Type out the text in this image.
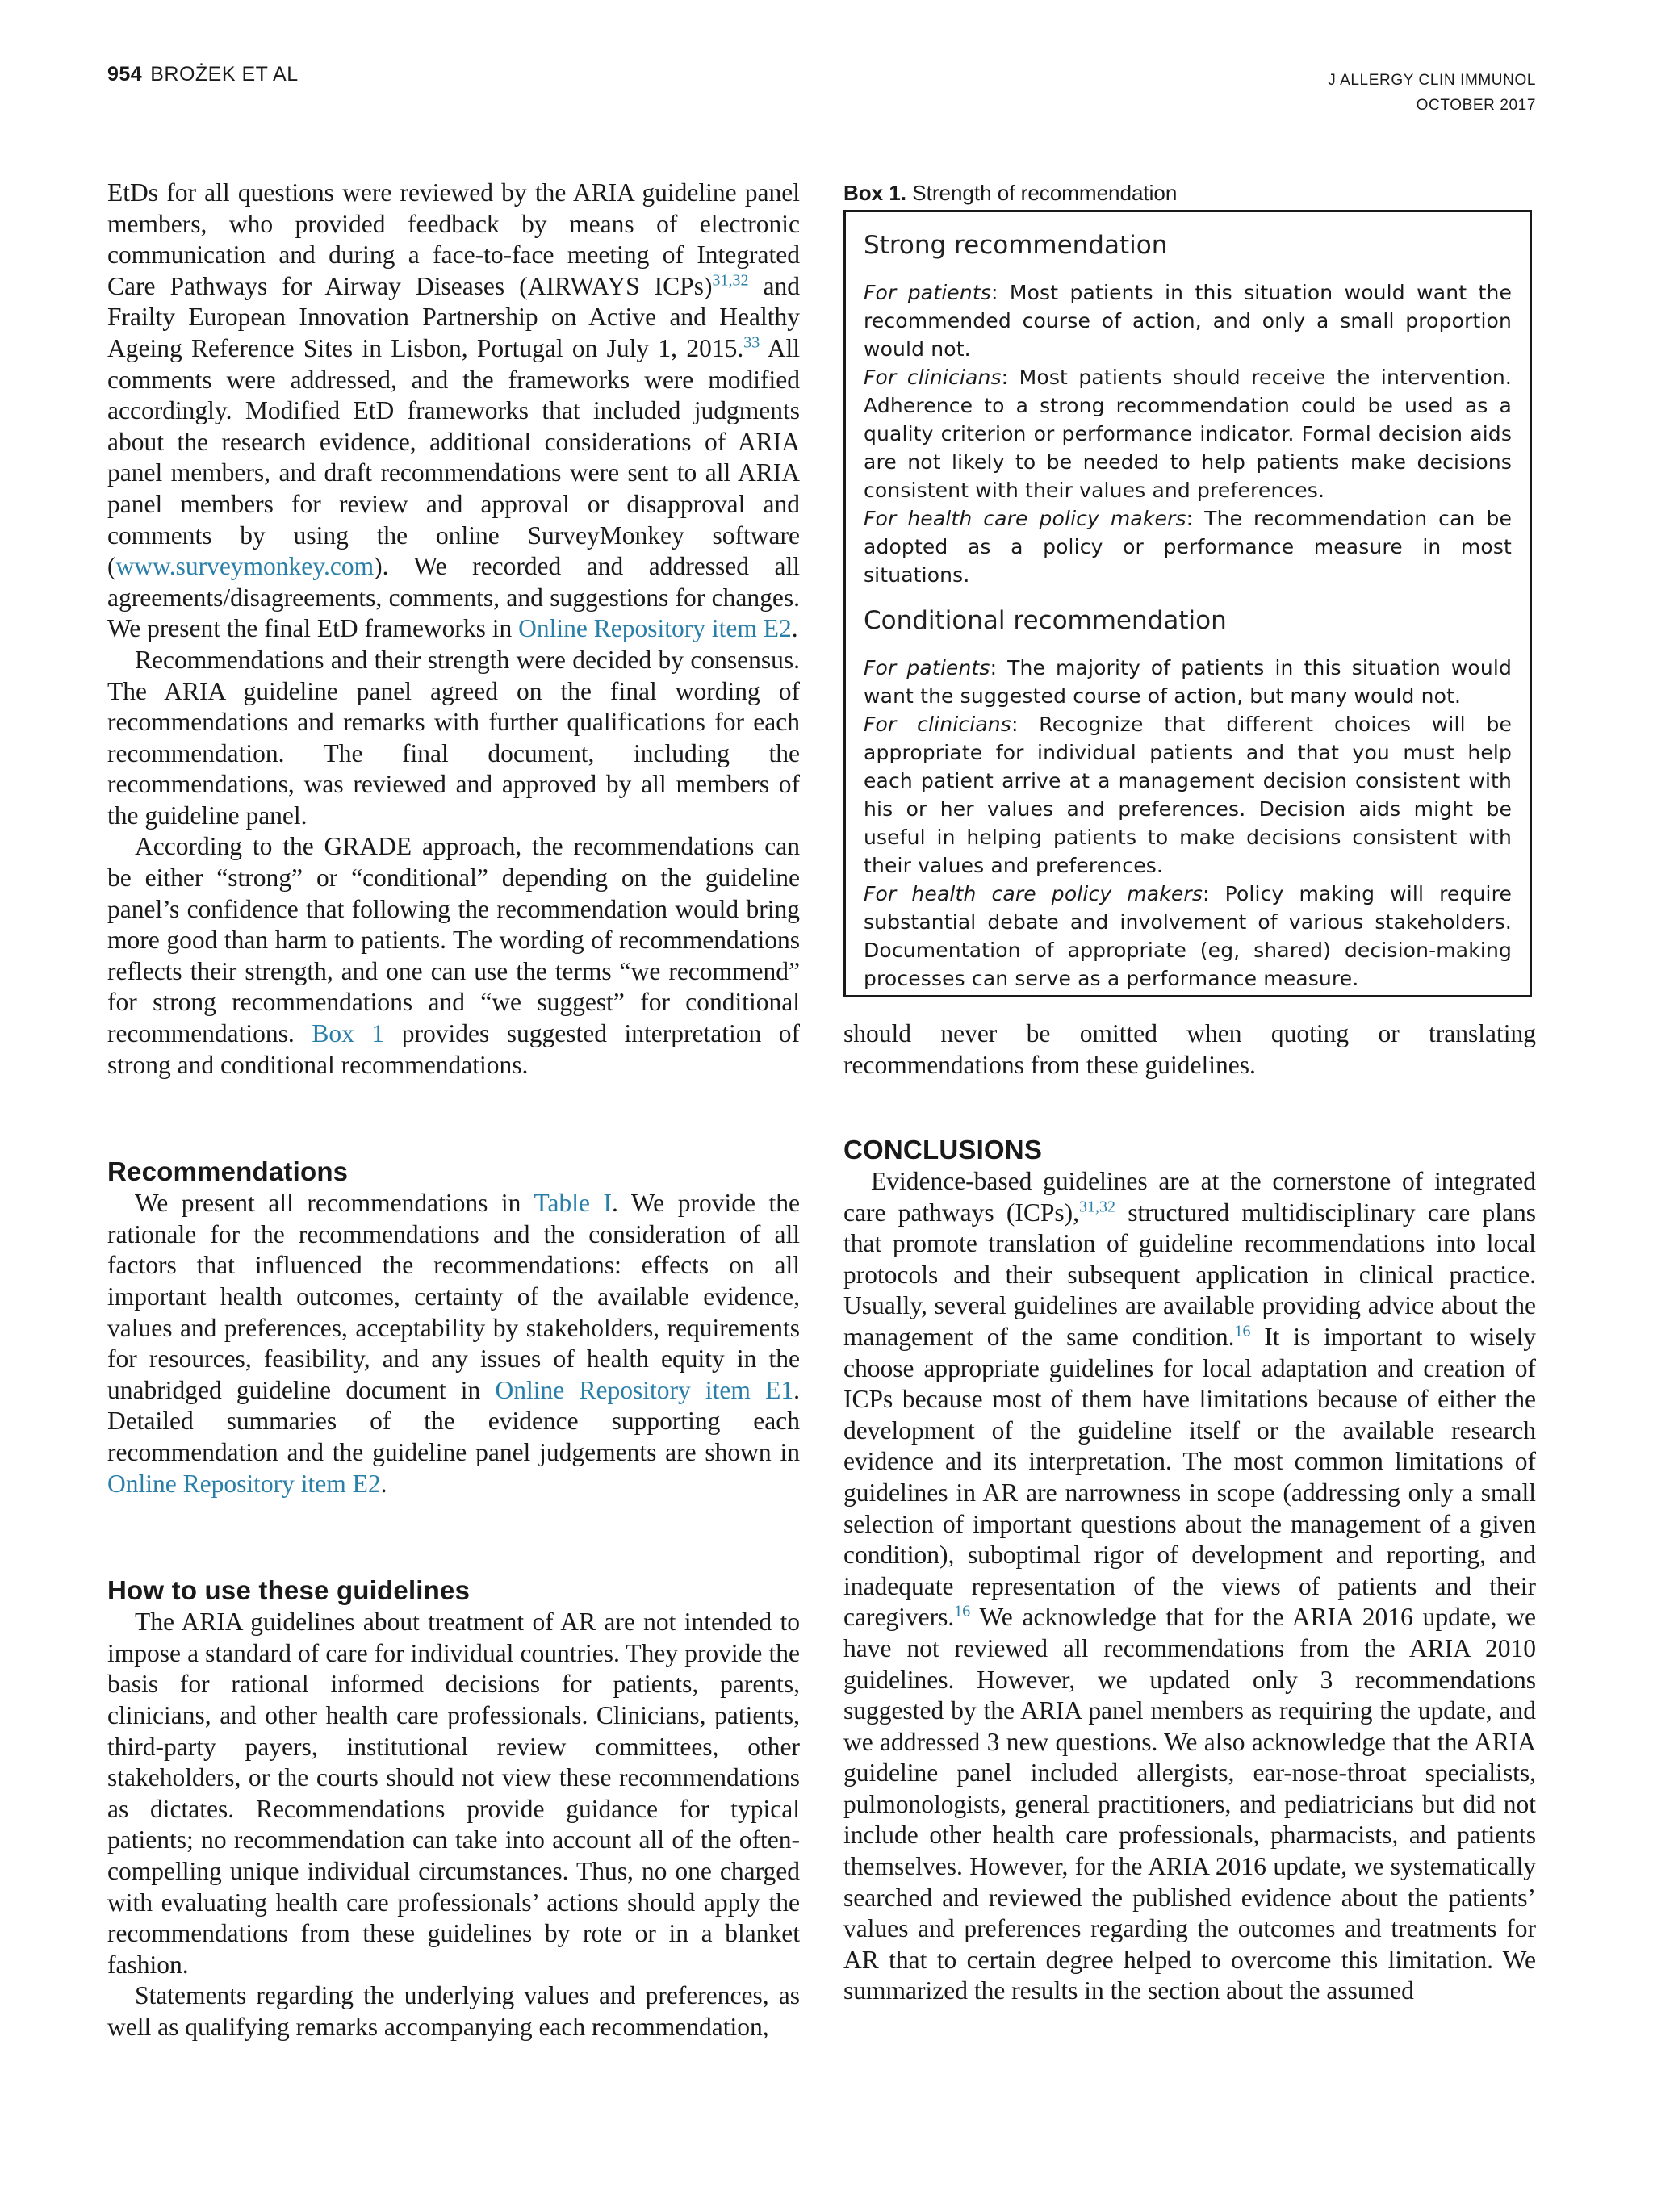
954 BROŻEK ET AL	J ALLERGY CLIN IMMUNOL
OCTOBER 2017

EtDs for all questions were reviewed by the ARIA guideline panel members, who provided feedback by means of electronic communication and during a face-to-face meeting of Integrated Care Pathways for Airway Diseases (AIRWAYS ICPs)$^{31,32}$ and Frailty European Innovation Partnership on Active and Healthy Ageing Reference Sites in Lisbon, Portugal on July 1, 2015.33 All comments were addressed, and the frameworks were modified accordingly. Modified EtD frameworks that included judgments about the research evidence, additional considerations of ARIA panel members, and draft recommendations were sent to all ARIA panel members for review and approval or disapproval and comments by using the online SurveyMonkey software (www.surveymonkey.com). We recorded and addressed all agreements/disagreements, comments, and suggestions for changes. We present the final EtD frameworks in Online Repository item E2.

Recommendations and their strength were decided by consensus. The ARIA guideline panel agreed on the final wording of recommendations and remarks with further qualifications for each recommendation. The final document, including the recommendations, was reviewed and approved by all members of the guideline panel.

According to the GRADE approach, the recommendations can be either “strong” or “conditional” depending on the guideline panel’s confidence that following the recommendation would bring more good than harm to patients. The wording of recommendations reflects their strength, and one can use the terms “we recommend” for strong recommendations and “we suggest” for conditional recommendations. Box 1 provides suggested interpretation of strong and conditional recommendations.

Recommendations

We present all recommendations in Table I. We provide the rationale for the recommendations and the consideration of all factors that influenced the recommendations: effects on all important health outcomes, certainty of the available evidence, values and preferences, acceptability by stakeholders, requirements for resources, feasibility, and any issues of health equity in the unabridged guideline document in Online Repository item E1. Detailed summaries of the evidence supporting each recommendation and the guideline panel judgements are shown in Online Repository item E2.

How to use these guidelines

The ARIA guidelines about treatment of AR are not intended to impose a standard of care for individual countries. They provide the basis for rational informed decisions for patients, parents, clinicians, and other health care professionals. Clinicians, patients, third-party payers, institutional review committees, other stakeholders, or the courts should not view these recommendations as dictates. Recommendations provide guidance for typical patients; no recommendation can take into account all of the often-compelling unique individual circumstances. Thus, no one charged with evaluating health care professionals’ actions should apply the recommendations from these guidelines by rote or in a blanket fashion.

Statements regarding the underlying values and preferences, as well as qualifying remarks accompanying each recommendation,

Box 1. Strength of recommendation
Strong recommendation

For patients: Most patients in this situation would want the recommended course of action, and only a small proportion would not.

For clinicians: Most patients should receive the intervention. Adherence to a strong recommendation could be used as a quality criterion or performance indicator. Formal decision aids are not likely to be needed to help patients make decisions consistent with their values and preferences.

For health care policy makers: The recommendation can be adopted as a policy or performance measure in most situations.

Conditional recommendation

For patients: The majority of patients in this situation would want the suggested course of action, but many would not.

For clinicians: Recognize that different choices will be appropriate for individual patients and that you must help each patient arrive at a management decision consistent with his or her values and preferences. Decision aids might be useful in helping patients to make decisions consistent with their values and preferences.

For health care policy makers: Policy making will require substantial debate and involvement of various stakeholders. Documentation of appropriate (eg, shared) decision-making processes can serve as a performance measure.

should never be omitted when quoting or translating recommendations from these guidelines.

CONCLUSIONS

Evidence-based guidelines are at the cornerstone of integrated care pathways (ICPs),$^{31,32}$ structured multidisciplinary care plans that promote translation of guideline recommendations into local protocols and their subsequent application in clinical practice. Usually, several guidelines are available providing advice about the management of the same condition.$^{16}$ It is important to wisely choose appropriate guidelines for local adaptation and creation of ICPs because most of them have limitations because of either the development of the guideline itself or the available research evidence and its interpretation. The most common limitations of guidelines in AR are narrowness in scope (addressing only a small selection of important questions about the management of a given condition), suboptimal rigor of development and reporting, and inadequate representation of the views of patients and their caregivers.$^{16}$ We acknowledge that for the ARIA 2016 update, we have not reviewed all recommendations from the ARIA 2010 guidelines. However, we updated only 3 recommendations suggested by the ARIA panel members as requiring the update, and we addressed 3 new questions. We also acknowledge that the ARIA guideline panel included allergists, ear-nose-throat specialists, pulmonologists, general practitioners, and pediatricians but did not include other health care professionals, pharmacists, and patients themselves. However, for the ARIA 2016 update, we systematically searched and reviewed the published evidence about the patients’ values and preferences regarding the outcomes and treatments for AR that to certain degree helped to overcome this limitation. We summarized the results in the section about the assumed
